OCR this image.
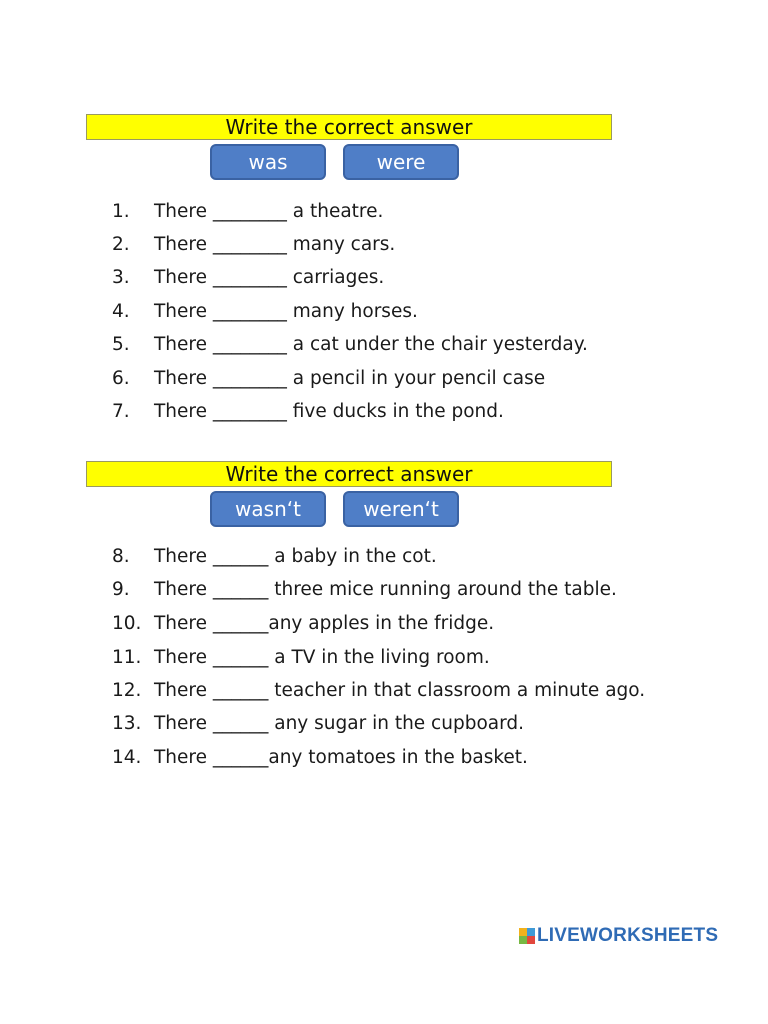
Write the correct answer
was	were
1. There ________ a theatre.
2. There ________ many cars.
3. There ________ carriages.
4. There ________ many horses.
5. There ________ a cat under the chair yesterday.
6. There ________ a pencil in your pencil case
7. There ________ five ducks in the pond.
Write the correct answer
wasn‘t	weren‘t
8. There ______ a baby in the cot.
9. There ______ three mice running around the table.
10. There ______any apples in the fridge.
11. There ______ a TV in the living room.
12. There ______ teacher in that classroom a minute ago.
13. There ______ any sugar in the cupboard.
14. There ______any tomatoes in the basket.
LIVEWORKSHEETS
